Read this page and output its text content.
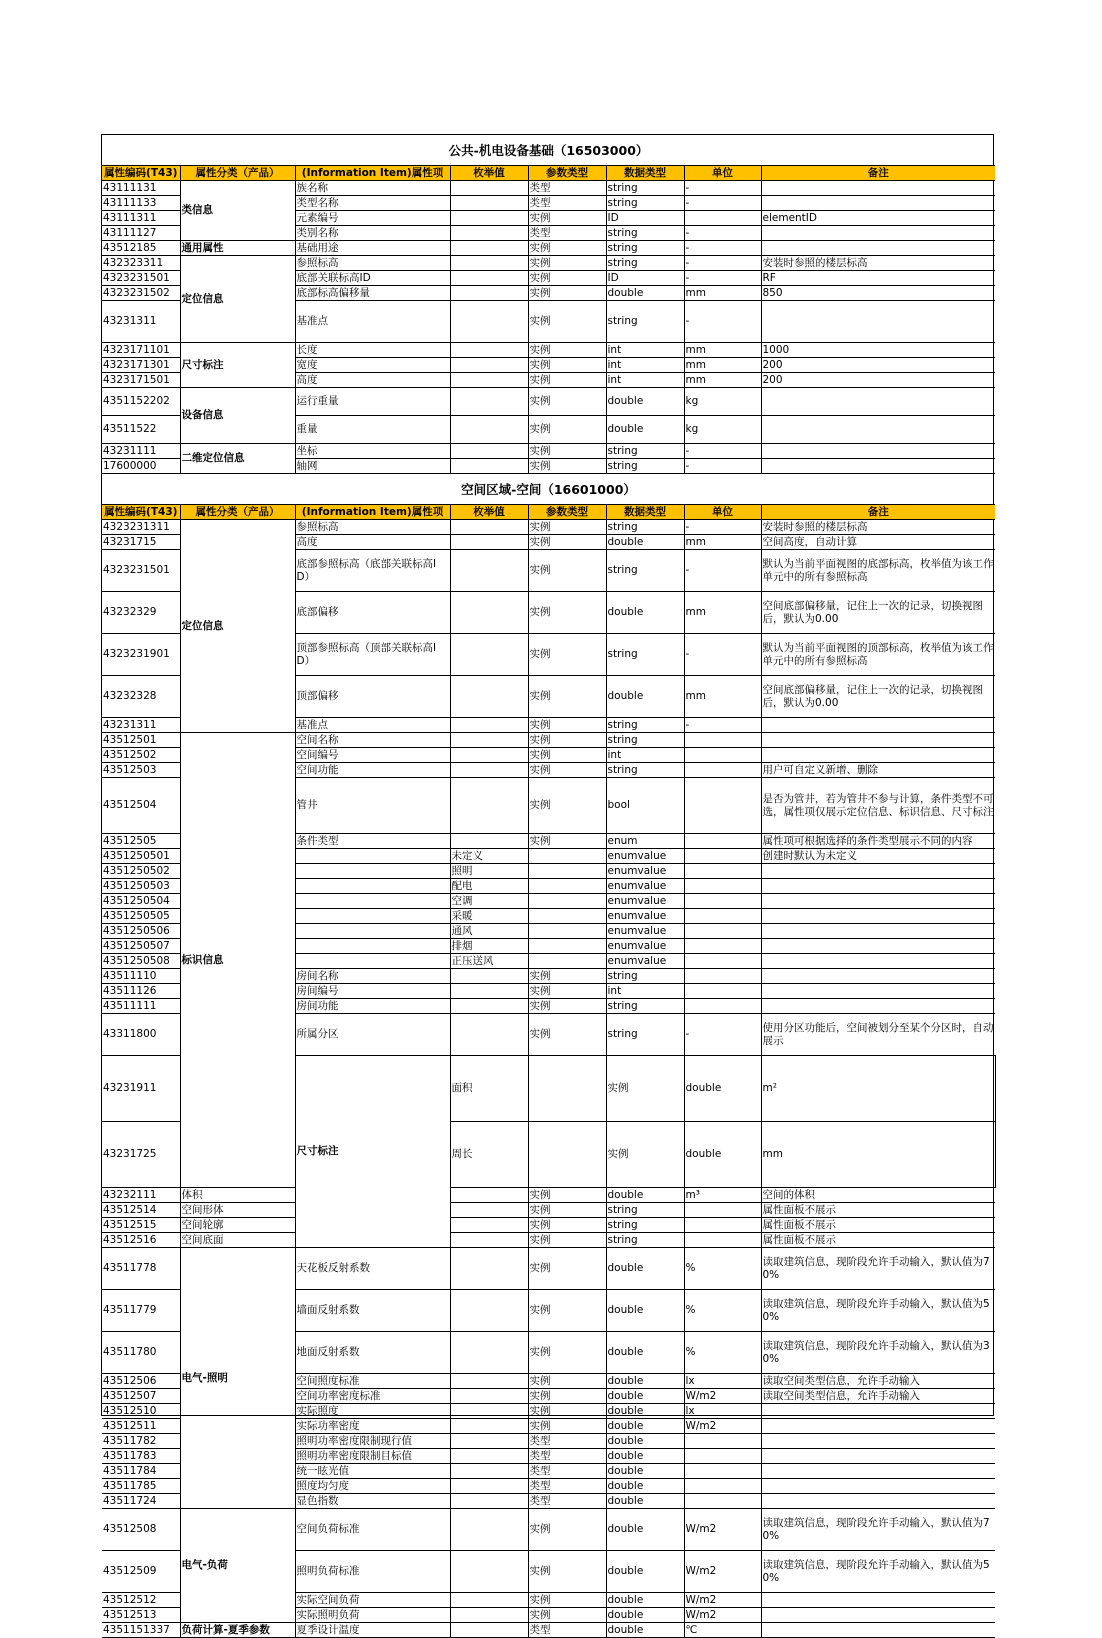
公共-机电设备基础（16503000）								
属性编码(T43)	属性分类（产品）	(Information Item)属性项	枚举值	参数类型	数据类型	单位	备注	
43111131	类信息	族名称		类型	string	-		
43111133		类型名称		类型	string	-		
43111311		元素编号		实例	ID		elementID	
43111127		类别名称		类型	string	-		
43512185	通用属性	基础用途		实例	string	-		
432323311	定位信息	参照标高		实例	string	-	安装时参照的楼层标高	
4323231501		底部关联标高ID		实例	ID	-	RF	
4323231502		底部标高偏移量		实例	double	mm	850	
43231311		基准点		实例	string	-		
4323171101	尺寸标注	长度		实例	int	mm	1000	
4323171301		宽度		实例	int	mm	200	
4323171501		高度		实例	int	mm	200	
4351152202	设备信息	运行重量		实例	double	kg		
43511522		重量		实例	double	kg		
43231111	二维定位信息	坐标		实例	string	-		
17600000		轴网		实例	string	-		
空间区域-空间（16601000）								
属性编码(T43)	属性分类（产品）	(Information Item)属性项	枚举值	参数类型	数据类型	单位	备注	
4323231311	定位信息	参照标高		实例	string	-	安装时参照的楼层标高	
43231715		高度		实例	double	mm	空间高度，自动计算	
4323231501		底部参照标高（底部关联标高ID）		实例	string	-	默认为当前平面视图的底部标高，枚举值为该工作单元中的所有参照标高	
43232329		底部偏移		实例	double	mm	空间底部偏移量，记住上一次的记录，切换视图后，默认为0.00	
4323231901		顶部参照标高（顶部关联标高ID）		实例	string	-	默认为当前平面视图的顶部标高，枚举值为该工作单元中的所有参照标高	
43232328		顶部偏移		实例	double	mm	空间底部偏移量，记住上一次的记录，切换视图后，默认为0.00	
43231311		基准点		实例	string	-		
43512501	标识信息	空间名称		实例	string			
43512502		空间编号		实例	int			
43512503		空间功能		实例	string		用户可自定义新增、删除	
43512504		管井		实例	bool		是否为管井，若为管井不参与计算，条件类型不可选，属性项仅展示定位信息、标识信息、尺寸标注	
43512505		条件类型		实例	enum		属性项可根据选择的条件类型展示不同的内容	
4351250501			未定义		enumvalue		创建时默认为未定义	
4351250502			照明		enumvalue			
4351250503			配电		enumvalue			
4351250504			空调		enumvalue			
4351250505			采暖		enumvalue			
4351250506			通风		enumvalue			
4351250507			排烟		enumvalue			
4351250508			正压送风		enumvalue			
43511110		房间名称		实例	string			
43511126		房间编号		实例	int			
43511111		房间功能		实例	string			
43311800		所属分区		实例	string	-	使用分区功能后，空间被划分至某个分区时，自动展示	
43231911		尺寸标注	面积		实例	double	m²	
43231725			周长		实例	double	mm	
43232111	体积			实例	double	m³	空间的体积	
43512514	空间形体			实例	string		属性面板不展示	
43512515	空间轮廓			实例	string		属性面板不展示	
43512516	空间底面			实例	string		属性面板不展示	
43511778	电气-照明	天花板反射系数		实例	double	%	读取建筑信息，现阶段允许手动输入，默认值为70%	
43511779		墙面反射系数		实例	double	%	读取建筑信息，现阶段允许手动输入，默认值为50%	
43511780		地面反射系数		实例	double	%	读取建筑信息，现阶段允许手动输入，默认值为30%	
43512506		空间照度标准		实例	double	lx	读取空间类型信息，允许手动输入	
43512507		空间功率密度标准		实例	double	W/m2	读取空间类型信息，允许手动输入	
43512510		实际照度		实例	double	lx		
43512511		实际功率密度		实例	double	W/m2		
43511782		照明功率密度限制现行值		类型	double			
43511783		照明功率密度限制目标值		类型	double			
43511784		统一眩光值		类型	double			
43511785		照度均匀度		类型	double			
43511724		显色指数		类型	double			
43512508	电气-负荷	空间负荷标准		实例	double	W/m2	读取建筑信息，现阶段允许手动输入，默认值为70%	
43512509		照明负荷标准		实例	double	W/m2	读取建筑信息，现阶段允许手动输入，默认值为50%	
43512512		实际空间负荷		实例	double	W/m2		
43512513		实际照明负荷		实例	double	W/m2		
4351151337	负荷计算-夏季参数	夏季设计温度		类型	double	℃		
